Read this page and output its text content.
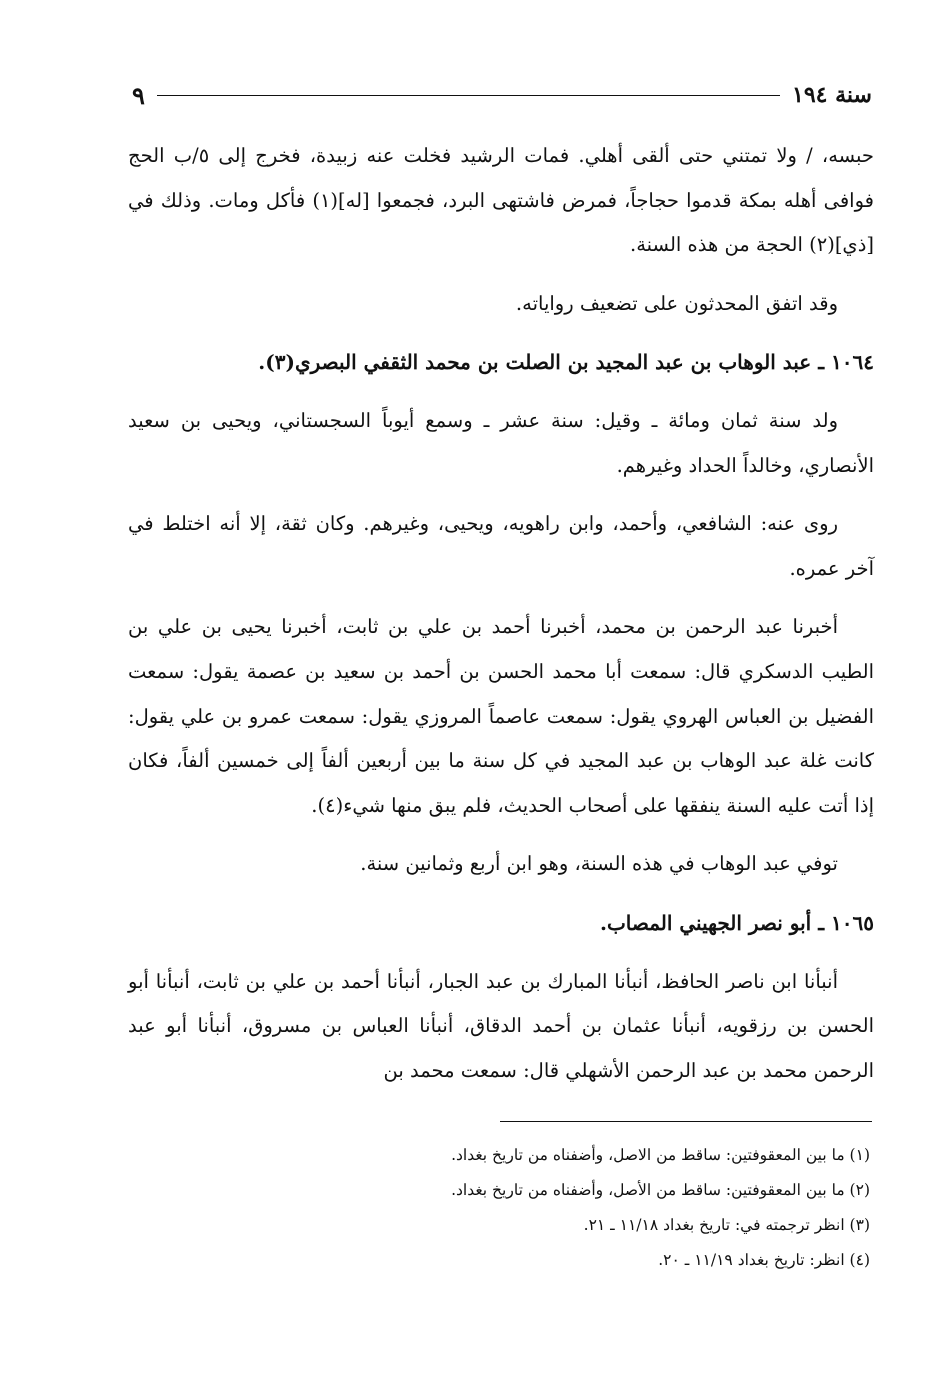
سنة ١٩٤
٩

حبسه، / ولا تمتني حتى ألقى أهلي. فمات الرشيد فخلت عنه زبيدة، فخرج إلى ٥/ب الحج فوافى أهله بمكة قدموا حجاجاً، فمرض فاشتهى البرد، فجمعوا [له](١) فأكل ومات. وذلك في [ذي](٢) الحجة من هذه السنة.

وقد اتفق المحدثون على تضعيف رواياته.

١٠٦٤ ـ عبد الوهاب بن عبد المجيد بن الصلت بن محمد الثقفي البصري(٣).

ولد سنة ثمان ومائة ـ وقيل: سنة عشر ـ وسمع أيوباً السجستاني، ويحيى بن سعيد الأنصاري، وخالداً الحداد وغيرهم.

روى عنه: الشافعي، وأحمد، وابن راهويه، ويحيى، وغيرهم. وكان ثقة، إلا أنه اختلط في آخر عمره.

أخبرنا عبد الرحمن بن محمد، أخبرنا أحمد بن علي بن ثابت، أخبرنا يحيى بن علي بن الطيب الدسكري قال: سمعت أبا محمد الحسن بن أحمد بن سعيد بن عصمة يقول: سمعت الفضيل بن العباس الهروي يقول: سمعت عاصماً المروزي يقول: سمعت عمرو بن علي يقول: كانت غلة عبد الوهاب بن عبد المجيد في كل سنة ما بين أربعين ألفاً إلى خمسين ألفاً، فكان إذا أتت عليه السنة ينفقها على أصحاب الحديث، فلم يبق منها شيء(٤).

توفي عبد الوهاب في هذه السنة، وهو ابن أربع وثمانين سنة.

١٠٦٥ ـ أبو نصر الجهيني المصاب.

أنبأنا ابن ناصر الحافظ، أنبأنا المبارك بن عبد الجبار، أنبأنا أحمد بن علي بن ثابت، أنبأنا أبو الحسن بن رزقويه، أنبأنا عثمان بن أحمد الدقاق، أنبأنا العباس بن مسروق، أنبأنا أبو عبد الرحمن محمد بن عبد الرحمن الأشهلي قال: سمعت محمد بن

(١) ما بين المعقوفتين: ساقط من الاصل، وأضفناه من تاريخ بغداد.

(٢) ما بين المعقوفتين: ساقط من الأصل، وأضفناه من تاريخ بغداد.

(٣) انظر ترجمته في: تاريخ بغداد ١١/١٨ ـ ٢١.

(٤) انظر: تاريخ بغداد ١١/١٩ ـ ٢٠.
